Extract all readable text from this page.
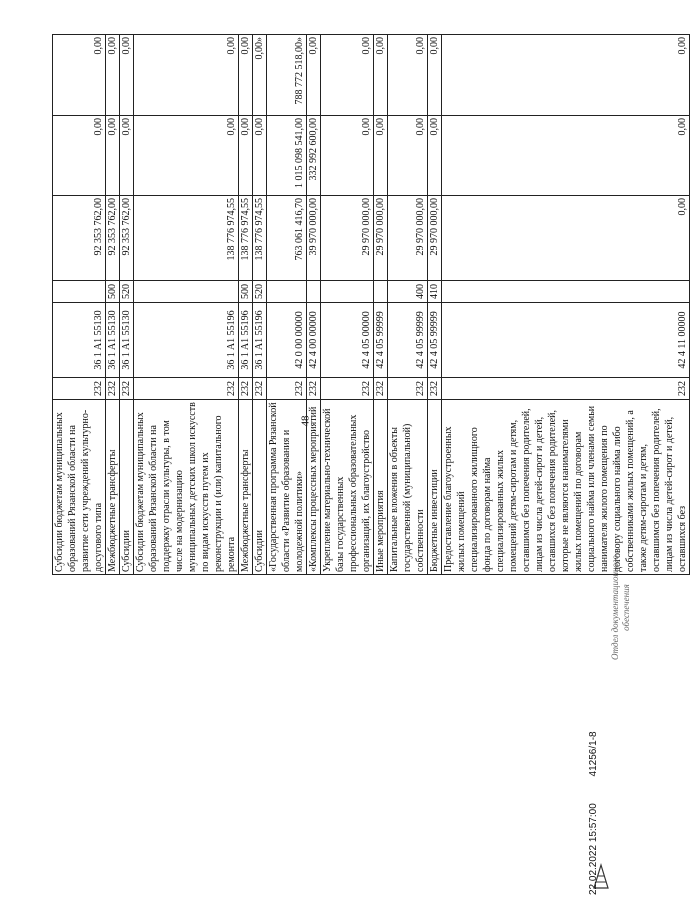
48
Субсидии бюджетам муниципальных образований Рязанской области на развитие сети учреждений культурно-досугового типа	232	36 1 A1 55130		92 353 762,00	0,00	0,00
Межбюджетные трансферты	232	36 1 A1 55130	500	92 353 762,00	0,00	0,00
Субсидии	232	36 1 A1 55130	520	92 353 762,00	0,00	0,00
Субсидии бюджетам муниципальных образований Рязанской области на поддержку отрасли культуры, в том числе на модернизацию муниципальных детских школ искусств по видам искусств путем их реконструкции и (или) капитального ремонта	232	36 1 A1 55196		138 776 974,55	0,00	0,00
Межбюджетные трансферты	232	36 1 A1 55196	500	138 776 974,55	0,00	0,00
Субсидии	232	36 1 A1 55196	520	138 776 974,55	0,00	0,00»
«Государственная программа Рязанской области «Развитие образования и молодежной политики»	232	42 0 00 00000		763 061 416,70	1 015 098 541,00	788 772 518,00»
«Комплексы процессных мероприятий	232	42 4 00 00000		39 970 000,00	332 992 600,00	0,00
Укрепление материально-технической базы государственных профессиональных образовательных организаций, их благоустройство	232	42 4 05 00000		29 970 000,00	0,00	0,00
Иные мероприятия	232	42 4 05 99999		29 970 000,00	0,00	0,00
Капитальные вложения в объекты государственной (муниципальной) собственности	232	42 4 05 99999	400	29 970 000,00	0,00	0,00
Бюджетные инвестиции	232	42 4 05 99999	410	29 970 000,00	0,00	0,00
Предоставление благоустроенных жилых помещений специализированного жилищного фонда по договорам найма специализированных жилых помещений детям-сиротам и детям, оставшимся без попечения родителей, лицам из числа детей-сирот и детей, оставшихся без попечения родителей, которые не являются нанимателями жилых помещений по договорам социального найма или членами семьи нанимателя жилого помещения по договору социального найма либо собственниками жилых помещений, а также детям-сиротам и детям, оставшимся без попечения родителей, лицам из числа детей-сирот и детей, оставшихся без	232	42 4 11 00000		0,00	0,00	0,00
22.02.2022 15:57:00 41256/1-8
Отдел документационного обеспечения
